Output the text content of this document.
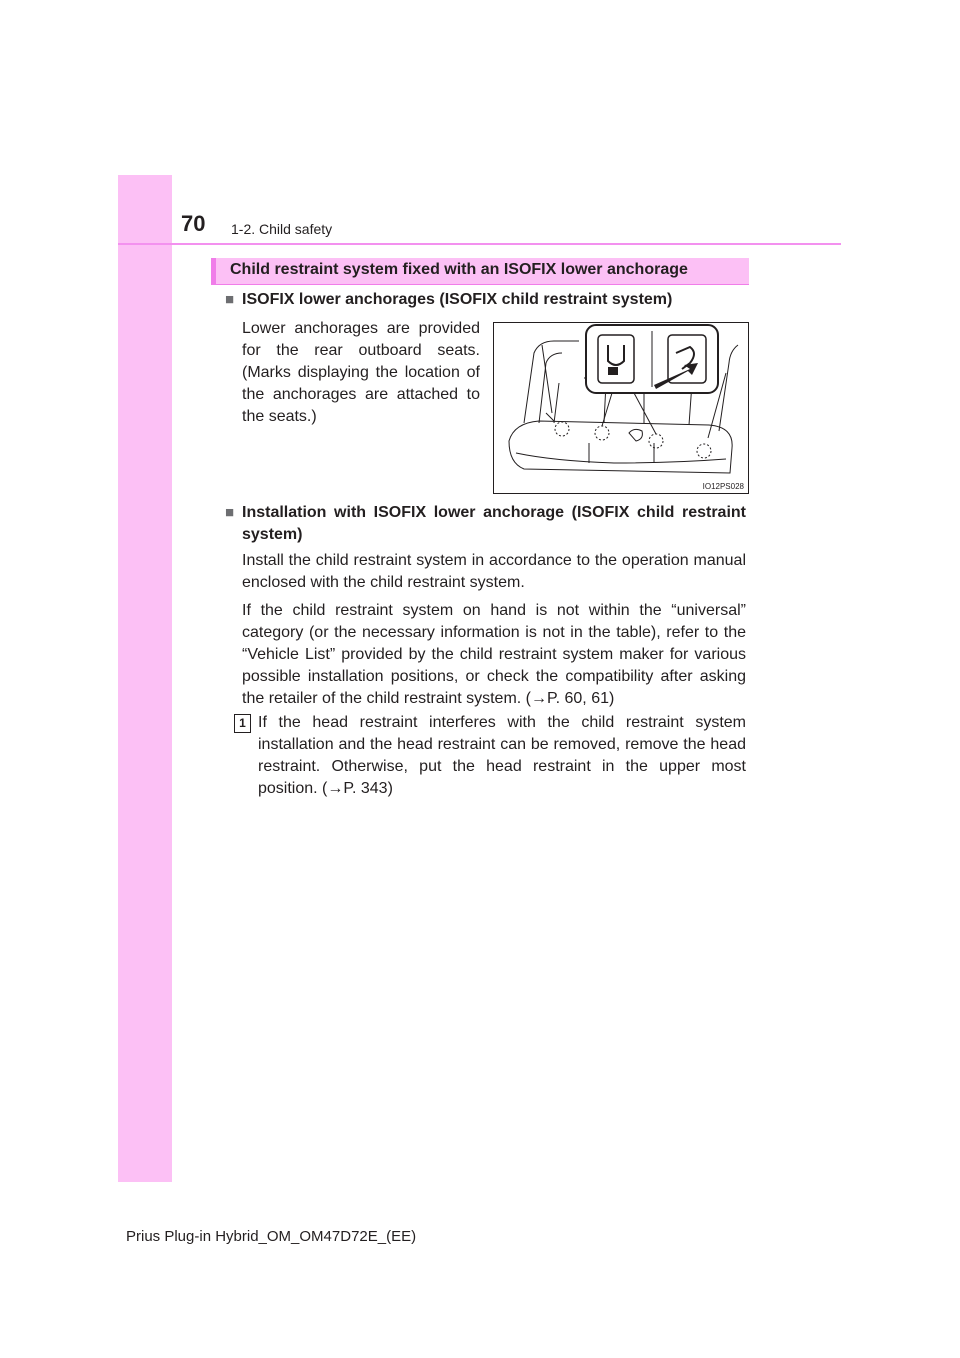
70 1-2. Child safety
Child restraint system fixed with an ISOFIX lower anchorage
■ ISOFIX lower anchorages (ISOFIX child restraint system)
Lower anchorages are provided for the rear outboard seats. (Marks displaying the location of the anchorages are attached to the seats.)
IO12PS028
■ Installation with ISOFIX lower anchorage (ISOFIX child restraint system)
Install the child restraint system in accordance to the operation manual enclosed with the child restraint system.
If the child restraint system on hand is not within the “universal” category (or the necessary information is not in the table), refer to the “Vehicle List” provided by the child restraint system maker for various possible installation positions, or check the compatibility after asking the retailer of the child restraint system. (→P. 60, 61)
1 If the head restraint interferes with the child restraint system installation and the head restraint can be removed, remove the head restraint. Otherwise, put the head restraint in the upper most position. (→P. 343)
Prius Plug-in Hybrid_OM_OM47D72E_(EE)
